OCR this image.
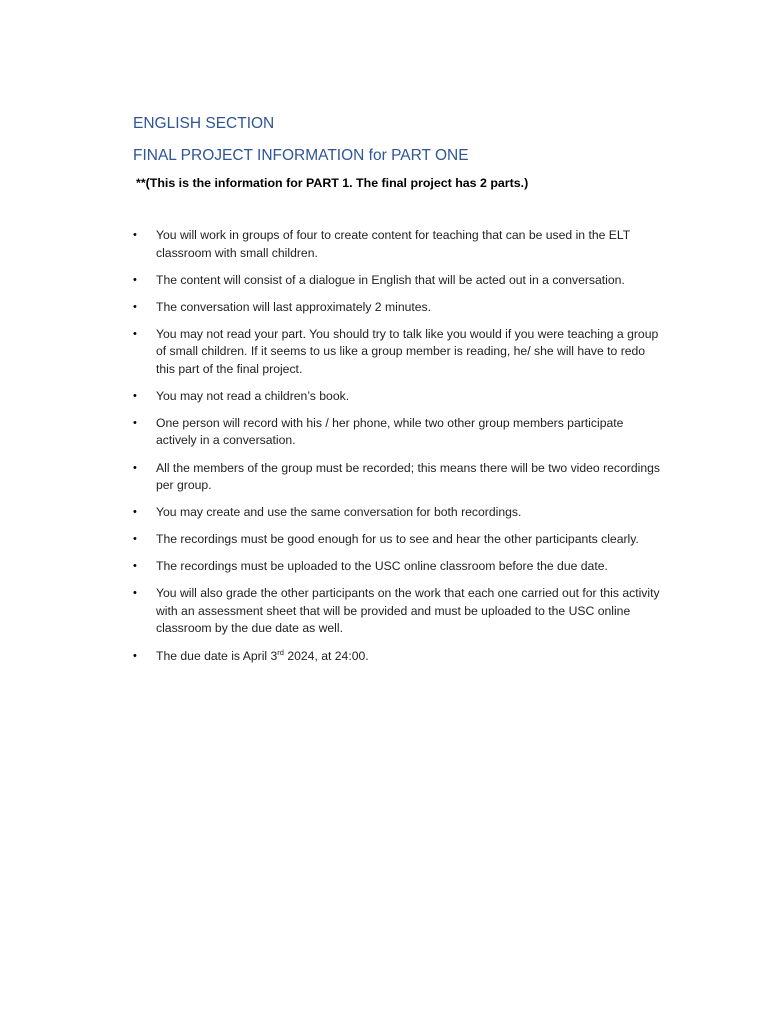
ENGLISH SECTION
FINAL PROJECT INFORMATION for PART ONE

**(This is the information for PART 1. The final project has 2 parts.)

• You will work in groups of four to create content for teaching that can be used in the ELT classroom with small children.
• The content will consist of a dialogue in English that will be acted out in a conversation.
• The conversation will last approximately 2 minutes.
• You may not read your part. You should try to talk like you would if you were teaching a group of small children. If it seems to us like a group member is reading, he/ she will have to redo this part of the final project.
• You may not read a children’s book.
• One person will record with his / her phone, while two other group members participate actively in a conversation.
• All the members of the group must be recorded; this means there will be two video recordings per group.
• You may create and use the same conversation for both recordings.
• The recordings must be good enough for us to see and hear the other participants clearly.
• The recordings must be uploaded to the USC online classroom before the due date.
• You will also grade the other participants on the work that each one carried out for this activity with an assessment sheet that will be provided and must be uploaded to the USC online classroom by the due date as well.
• The due date is April 3rd 2024, at 24:00.
